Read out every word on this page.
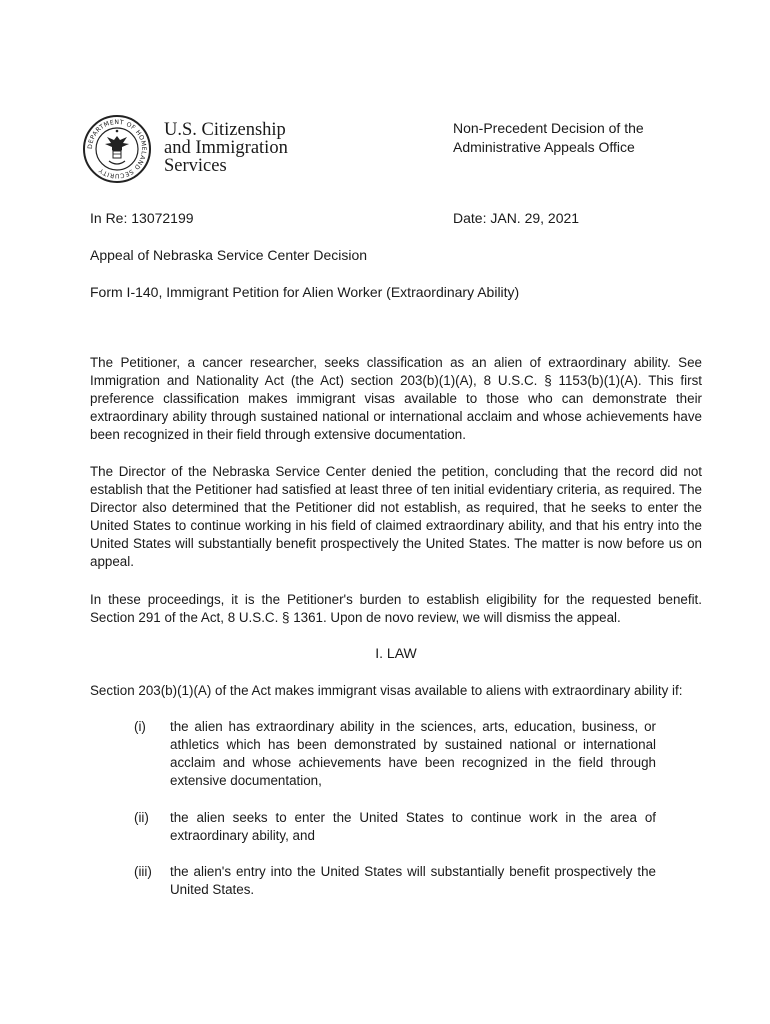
DEPARTMENT OF HOMELAND SECURITY
U.S. Citizenship
and Immigration
Services
Non-Precedent Decision of the
Administrative Appeals Office
In Re: 13072199	Date: JAN. 29, 2021
Appeal of Nebraska Service Center Decision
Form I-140, Immigrant Petition for Alien Worker (Extraordinary Ability)
The Petitioner, a cancer researcher, seeks classification as an alien of extraordinary ability. See Immigration and Nationality Act (the Act) section 203(b)(1)(A), 8 U.S.C. § 1153(b)(1)(A). This first preference classification makes immigrant visas available to those who can demonstrate their extraordinary ability through sustained national or international acclaim and whose achievements have been recognized in their field through extensive documentation.
The Director of the Nebraska Service Center denied the petition, concluding that the record did not establish that the Petitioner had satisfied at least three of ten initial evidentiary criteria, as required. The Director also determined that the Petitioner did not establish, as required, that he seeks to enter the United States to continue working in his field of claimed extraordinary ability, and that his entry into the United States will substantially benefit prospectively the United States. The matter is now before us on appeal.
In these proceedings, it is the Petitioner's burden to establish eligibility for the requested benefit. Section 291 of the Act, 8 U.S.C. § 1361. Upon de novo review, we will dismiss the appeal.
I. LAW
Section 203(b)(1)(A) of the Act makes immigrant visas available to aliens with extraordinary ability if:
(i) the alien has extraordinary ability in the sciences, arts, education, business, or athletics which has been demonstrated by sustained national or international acclaim and whose achievements have been recognized in the field through extensive documentation,
(ii) the alien seeks to enter the United States to continue work in the area of extraordinary ability, and
(iii) the alien's entry into the United States will substantially benefit prospectively the United States.
